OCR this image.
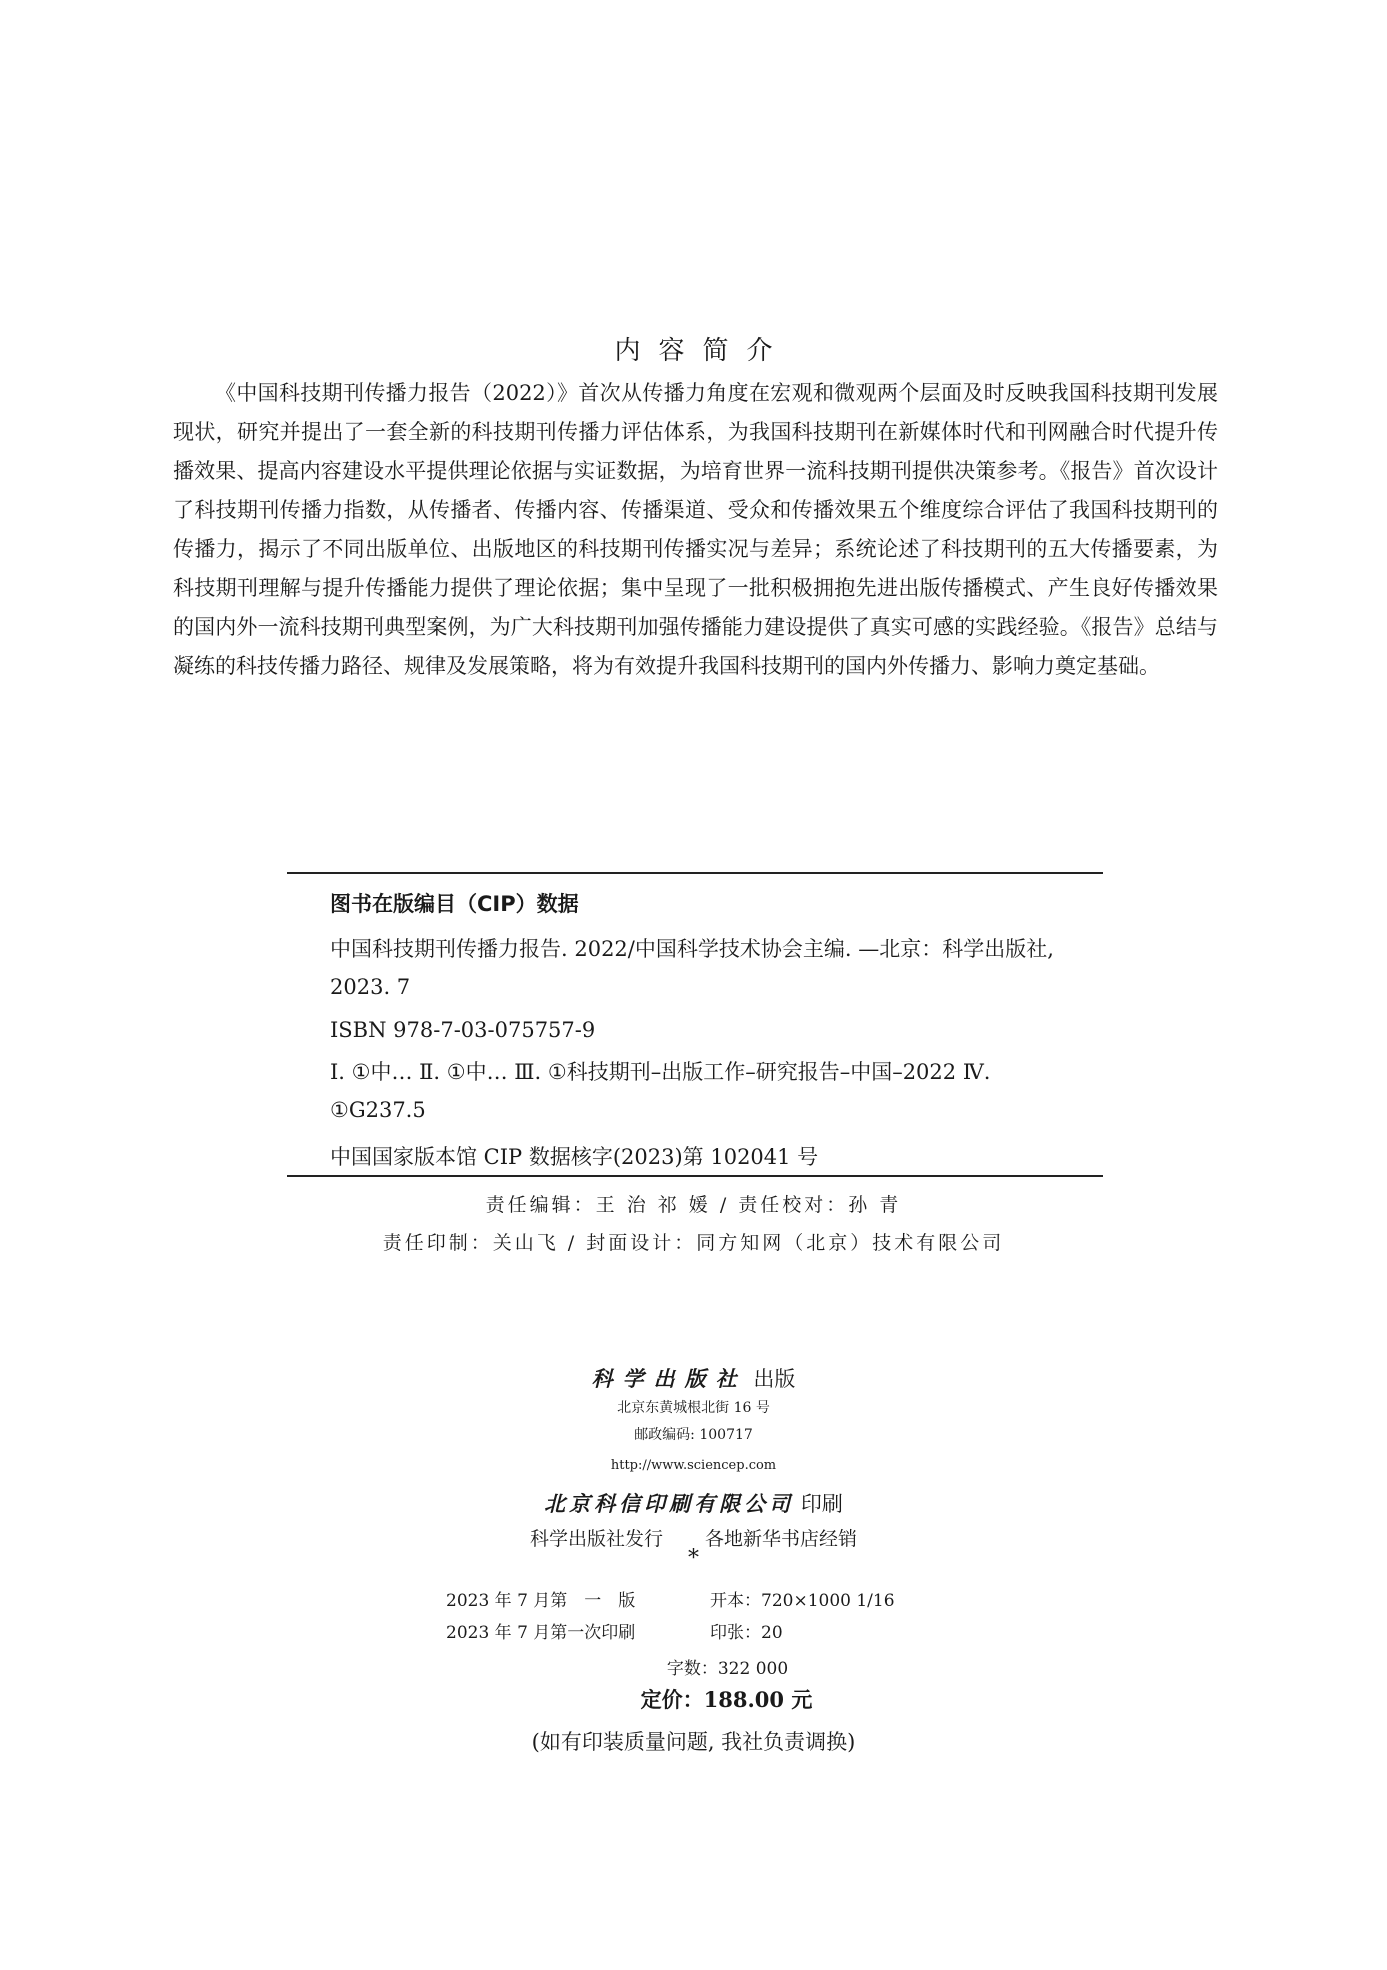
内容简介

《中国科技期刊传播力报告（2022）》首次从传播力角度在宏观和微观两个层面及时反映我国科技期刊发展现状，研究并提出了一套全新的科技期刊传播力评估体系，为我国科技期刊在新媒体时代和刊网融合时代提升传播效果、提高内容建设水平提供理论依据与实证数据，为培育世界一流科技期刊提供决策参考。《报告》首次设计了科技期刊传播力指数，从传播者、传播内容、传播渠道、受众和传播效果五个维度综合评估了我国科技期刊的传播力，揭示了不同出版单位、出版地区的科技期刊传播实况与差异；系统论述了科技期刊的五大传播要素，为科技期刊理解与提升传播能力提供了理论依据；集中呈现了一批积极拥抱先进出版传播模式、产生良好传播效果的国内外一流科技期刊典型案例，为广大科技期刊加强传播能力建设提供了真实可感的实践经验。《报告》总结与凝练的科技传播力路径、规律及发展策略，将为有效提升我国科技期刊的国内外传播力、影响力奠定基础。

图书在版编目（CIP）数据

中国科技期刊传播力报告. 2022/中国科学技术协会主编. —北京：科学出版社, 2023. 7

ISBN 978-7-03-075757-9

Ⅰ. ①中… Ⅱ. ①中… Ⅲ. ①科技期刊–出版工作–研究报告–中国–2022 Ⅳ. ①G237.5

中国国家版本馆 CIP 数据核字(2023)第 102041 号
责任编辑：王 治 祁 媛 / 责任校对：孙 青
责任印制：关山飞 / 封面设计：同方知网（北京）技术有限公司
科学出版社 出版
北京东黄城根北街 16 号
邮政编码: 100717
http://www.sciencep.com
北京科信印刷有限公司 印刷
科学出版社发行 各地新华书店经销
*
2023 年 7 月第　一　版	开本：720×1000 1/16
2023 年 7 月第一次印刷	印张：20
字数：322 000
定价：188.00 元
(如有印装质量问题, 我社负责调换)
